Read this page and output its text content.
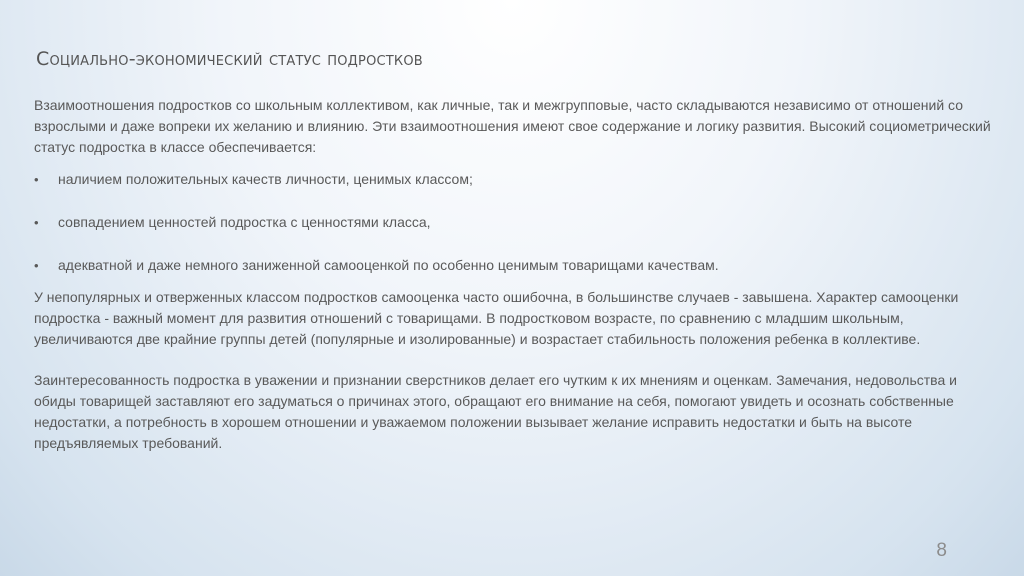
Социально-экономический статус подростков

Взаимоотношения подростков со школьным коллективом, как личные, так и межгрупповые, часто складываются независимо от отношений со взрослыми и даже вопреки их желанию и влиянию. Эти взаимоотношения имеют свое содержание и логику развития. Высокий социометрический статус подростка в классе обеспечивается:

• наличием положительных качеств личности, ценимых классом;
• совпадением ценностей подростка с ценностями класса,
• адекватной и даже немного заниженной самооценкой по особенно ценимым товарищами качествам.

У непопулярных и отверженных классом подростков самооценка часто ошибочна, в большинстве случаев - завышена. Характер самооценки подростка - важный момент для развития отношений с товарищами. В подростковом возрасте, по сравнению с младшим школьным, увеличиваются две крайние группы детей (популярные и изолированные) и возрастает стабильность положения ребенка в коллективе.

Заинтересованность подростка в уважении и признании сверстников делает его чутким к их мнениям и оценкам. Замечания, недовольства и обиды товарищей заставляют его задуматься о причинах этого, обращают его внимание на себя, помогают увидеть и осознать собственные недостатки, а потребность в хорошем отношении и уважаемом положении вызывает желание исправить недостатки и быть на высоте предъявляемых требований.

8
